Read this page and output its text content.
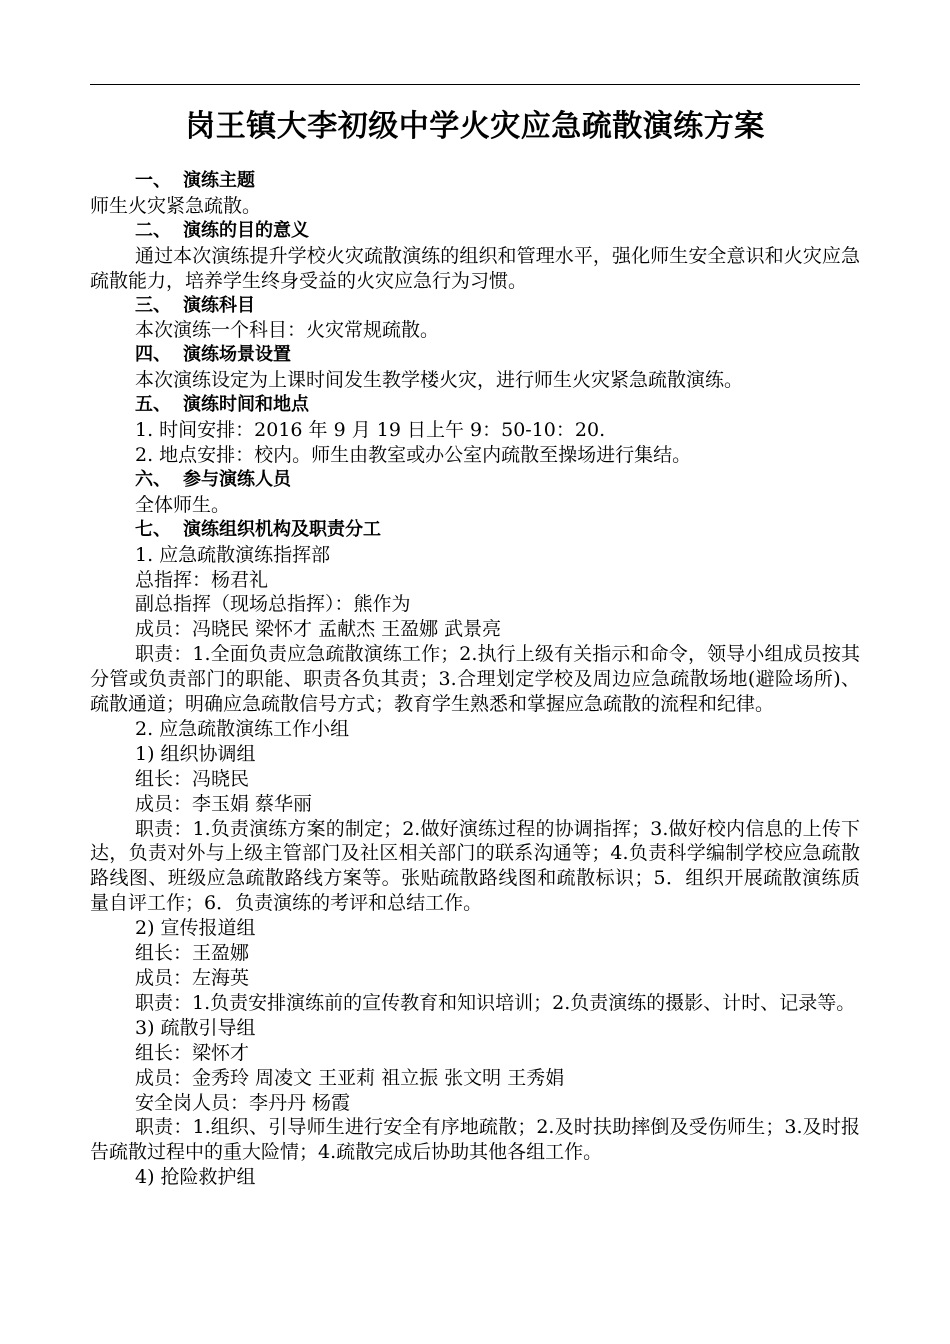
岗王镇大李初级中学火灾应急疏散演练方案
一、 演练主题
师生火灾紧急疏散。
二、 演练的目的意义
通过本次演练提升学校火灾疏散演练的组织和管理水平，强化师生安全意识和火灾应急疏散能力，培养学生终身受益的火灾应急行为习惯。
三、 演练科目
本次演练一个科目：火灾常规疏散。
四、 演练场景设置
本次演练设定为上课时间发生教学楼火灾，进行师生火灾紧急疏散演练。
五、 演练时间和地点
1. 时间安排：2016 年 9 月 19 日上午 9：50-10：20.
2. 地点安排：校内。师生由教室或办公室内疏散至操场进行集结。
六、 参与演练人员
全体师生。
七、 演练组织机构及职责分工
1. 应急疏散演练指挥部
总指挥：杨君礼
副总指挥（现场总指挥）：熊作为
成员：冯晓民 梁怀才 孟献杰 王盈娜 武景亮
职责：1.全面负责应急疏散演练工作；2.执行上级有关指示和命令，领导小组成员按其分管或负责部门的职能、职责各负其责；3.合理划定学校及周边应急疏散场地(避险场所)、疏散通道；明确应急疏散信号方式；教育学生熟悉和掌握应急疏散的流程和纪律。
2. 应急疏散演练工作小组
1) 组织协调组
组长：冯晓民
成员：李玉娟 蔡华丽
职责：1.负责演练方案的制定；2.做好演练过程的协调指挥；3.做好校内信息的上传下达，负责对外与上级主管部门及社区相关部门的联系沟通等；4.负责科学编制学校应急疏散路线图、班级应急疏散路线方案等。张贴疏散路线图和疏散标识；5．组织开展疏散演练质量自评工作；6．负责演练的考评和总结工作。
2) 宣传报道组
组长：王盈娜
成员：左海英
职责：1.负责安排演练前的宣传教育和知识培训；2.负责演练的摄影、计时、记录等。
3) 疏散引导组
组长：梁怀才
成员：金秀玲 周凌文 王亚莉 祖立振 张文明 王秀娟
安全岗人员：李丹丹 杨霞
职责：1.组织、引导师生进行安全有序地疏散；2.及时扶助摔倒及受伤师生；3.及时报告疏散过程中的重大险情；4.疏散完成后协助其他各组工作。
4) 抢险救护组
